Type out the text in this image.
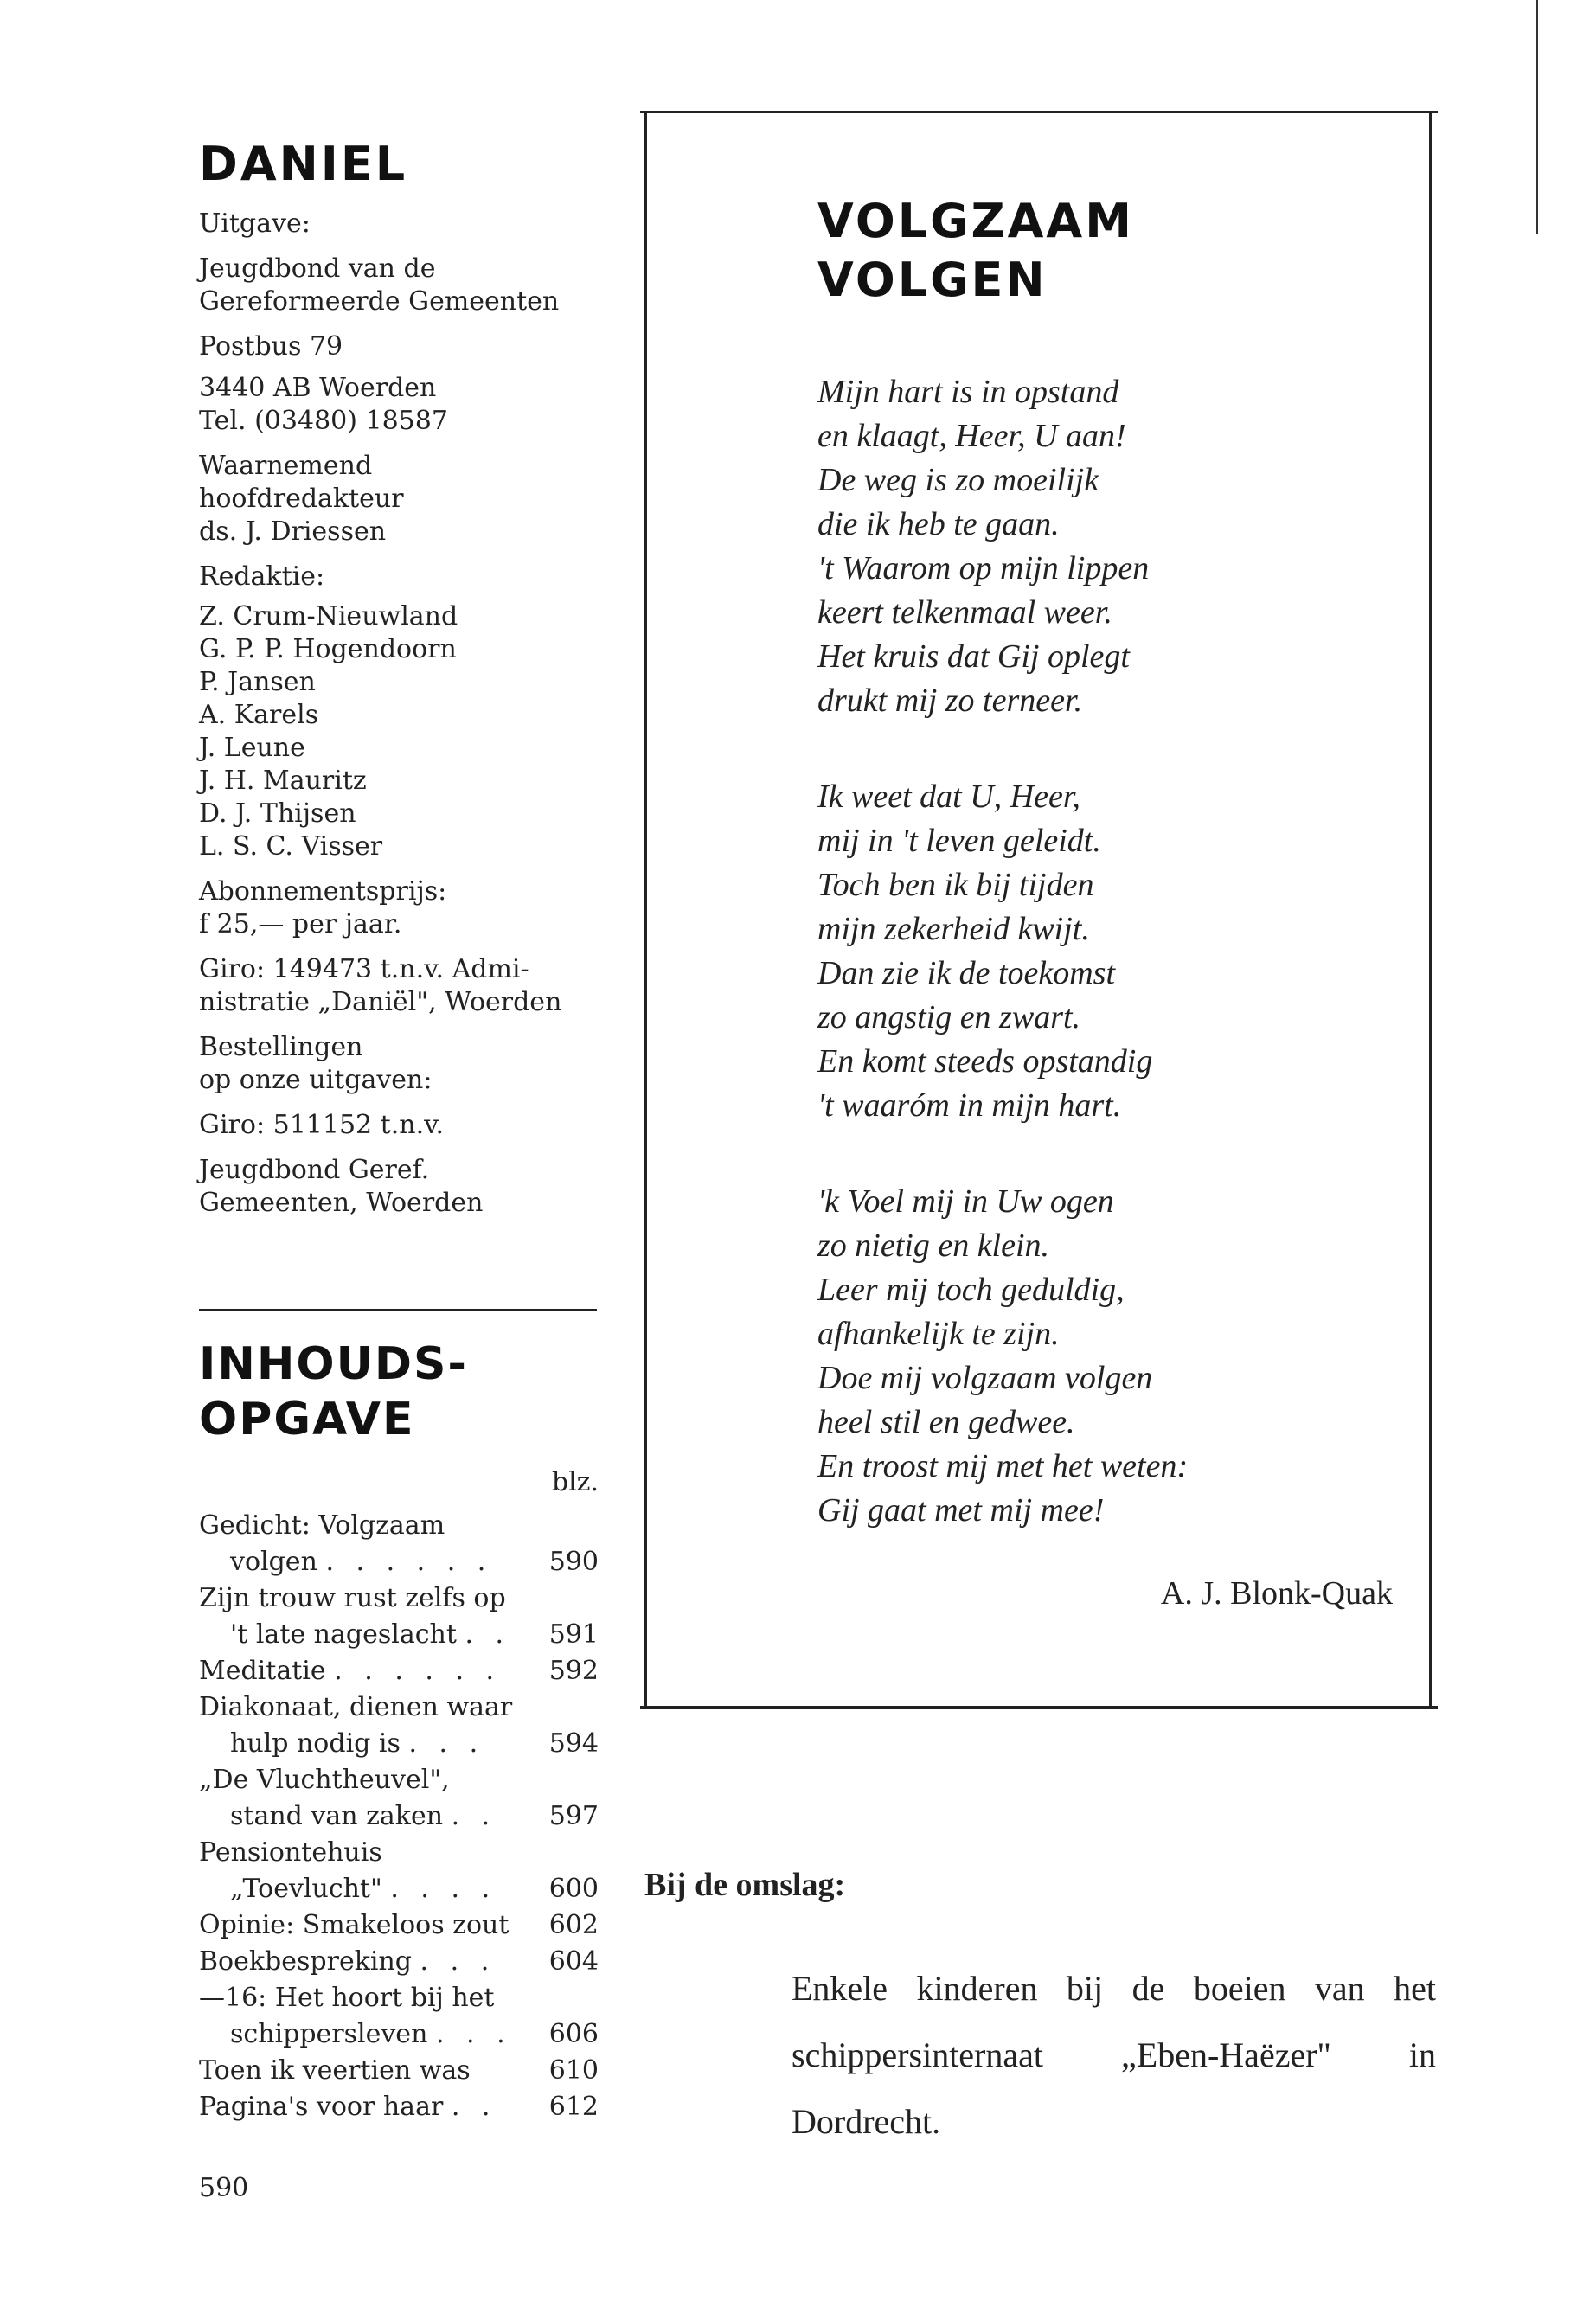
DANIEL
Uitgave:
Jeugdbond van de
Gereformeerde Gemeenten
Postbus 79
3440 AB Woerden
Tel. (03480) 18587
Waarnemend
hoofdredakteur
ds. J. Driessen
Redaktie:
Z. Crum-Nieuwland
G. P. P. Hogendoorn
P. Jansen
A. Karels
J. Leune
J. H. Mauritz
D. J. Thijsen
L. S. C. Visser
Abonnementsprijs:
f 25,— per jaar.
Giro: 149473 t.n.v. Admi-
nistratie „Daniël", Woerden
Bestellingen
op onze uitgaven:
Giro: 511152 t.n.v.
Jeugdbond Geref.
Gemeenten, Woerden
INHOUDS-
OPGAVE
blz.
Gedicht: Volgzaam
volgen . . . . . .	590
Zijn trouw rust zelfs op
't late nageslacht . .	591
Meditatie . . . . . .	592
Diakonaat, dienen waar
hulp nodig is . . .	594
„De Vluchtheuvel",
stand van zaken . .	597
Pensiontehuis
„Toevlucht" . . . .	600
Opinie: Smakeloos zout	602
Boekbespreking . . .	604
—16: Het hoort bij het
schippersleven . . .	606
Toen ik veertien was	610
Pagina's voor haar . .	612
590
VOLGZAAM
VOLGEN
Mijn hart is in opstand
en klaagt, Heer, U aan!
De weg is zo moeilijk
die ik heb te gaan.
't Waarom op mijn lippen
keert telkenmaal weer.
Het kruis dat Gij oplegt
drukt mij zo terneer.
Ik weet dat U, Heer,
mij in 't leven geleidt.
Toch ben ik bij tijden
mijn zekerheid kwijt.
Dan zie ik de toekomst
zo angstig en zwart.
En komt steeds opstandig
't waaróm in mijn hart.
'k Voel mij in Uw ogen
zo nietig en klein.
Leer mij toch geduldig,
afhankelijk te zijn.
Doe mij volgzaam volgen
heel stil en gedwee.
En troost mij met het weten:
Gij gaat met mij mee!
A. J. Blonk-Quak
Bij de omslag:
Enkele kinderen bij de boeien van het schippersinternaat „Eben-Haëzer" in Dordrecht.
